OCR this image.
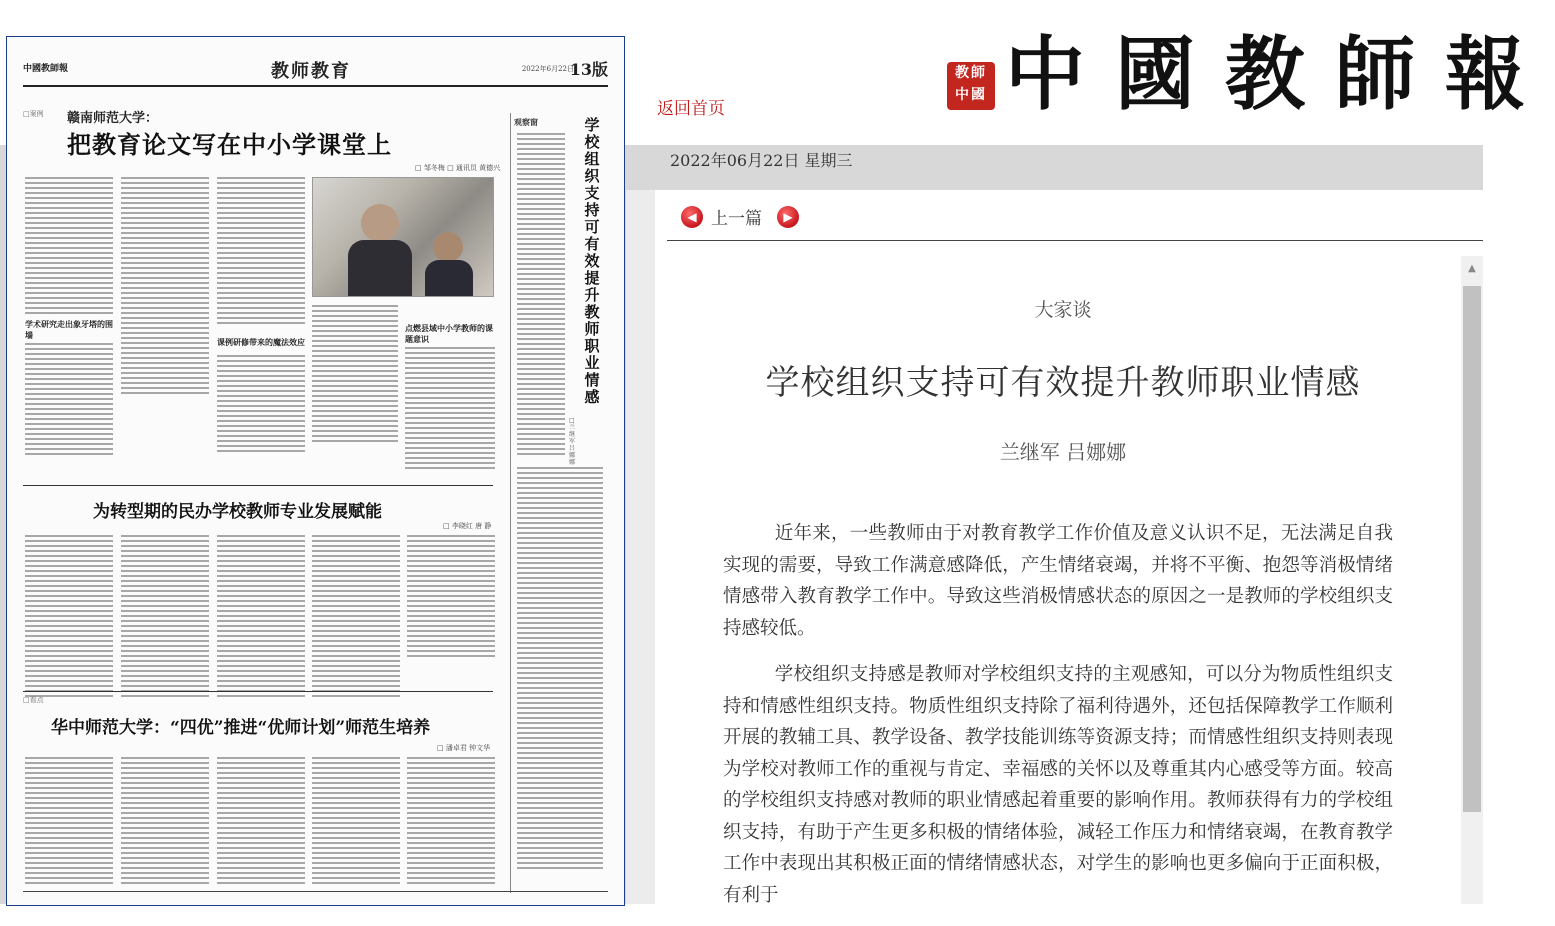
中國教師報	教师教育	2022年6月22日
13版
□案例 赣南师范大学：
把教育论文写在中小学课堂上
□ 邹冬梅 □ 通讯员 黄德兴
学术研究走出象牙塔的围墙
课例研修带来的魔法效应
点燃县域中小学教师的课题意识
观察窗	学校组织支持可有效提升教师职业情感
□兰继军 吕娜娜
为转型期的民办学校教师专业发展赋能
□ 李晓红 唐 静
□看点
华中师范大学：“四优”推进“优师计划”师范生培养
□ 潘卓君 钟文华
返回首页
教師
中國 中國教師報
2022年06月22日 星期三
◀ 上一篇	▶
大家谈
学校组织支持可有效提升教师职业情感
兰继军 吕娜娜

近年来，一些教师由于对教育教学工作价值及意义认识不足，无法满足自我实现的需要，导致工作满意感降低，产生情绪衰竭，并将不平衡、抱怨等消极情绪情感带入教育教学工作中。导致这些消极情感状态的原因之一是教师的学校组织支持感较低。

学校组织支持感是教师对学校组织支持的主观感知，可以分为物质性组织支持和情感性组织支持。物质性组织支持除了福利待遇外，还包括保障教学工作顺利开展的教辅工具、教学设备、教学技能训练等资源支持；而情感性组织支持则表现为学校对教师工作的重视与肯定、幸福感的关怀以及尊重其内心感受等方面。较高的学校组织支持感对教师的职业情感起着重要的影响作用。教师获得有力的学校组织支持，有助于产生更多积极的情绪体验，减轻工作压力和情绪衰竭，在教育教学工作中表现出其积极正面的情绪情感状态，对学生的影响也更多偏向于正面积极，有利于

▲
